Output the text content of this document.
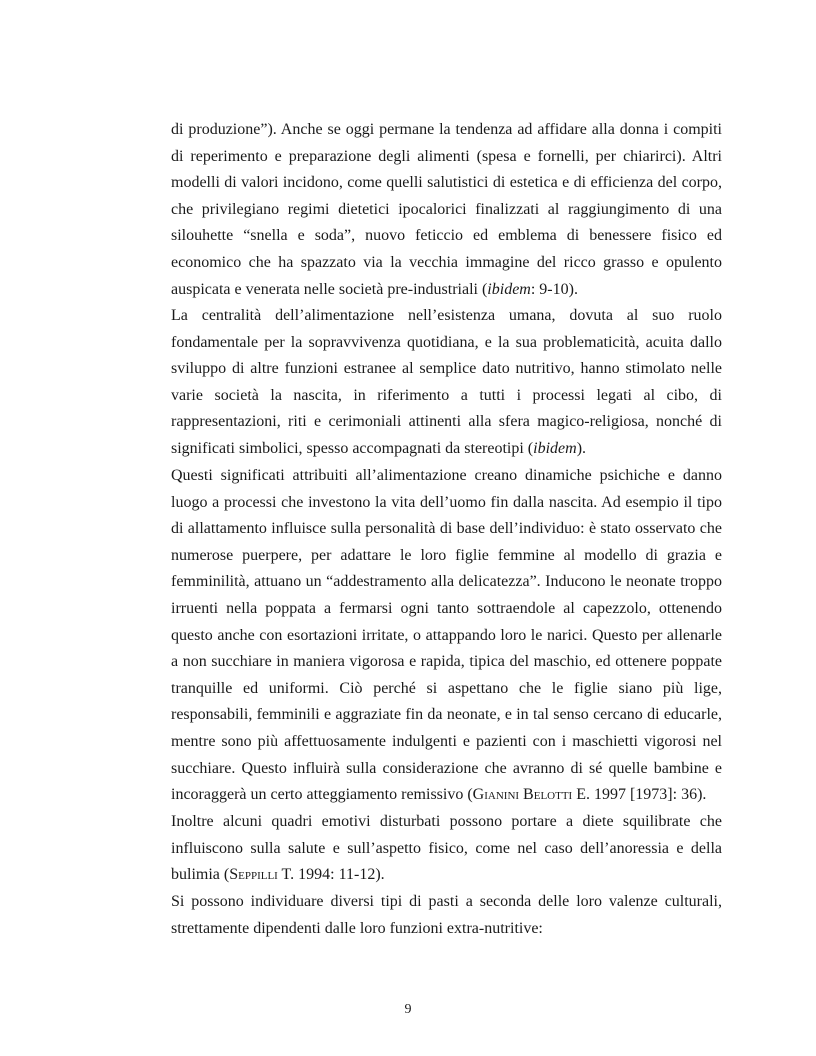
di produzione”). Anche se oggi permane la tendenza ad affidare alla donna i compiti di reperimento e preparazione degli alimenti (spesa e fornelli, per chiarirci). Altri modelli di valori incidono, come quelli salutistici di estetica e di efficienza del corpo, che privilegiano regimi dietetici ipocalorici finalizzati al raggiungimento di una silouhette “snella e soda”, nuovo feticcio ed emblema di benessere fisico ed economico che ha spazzato via la vecchia immagine del ricco grasso e opulento auspicata e venerata nelle società pre-industriali (ibidem: 9-10).

La centralità dell’alimentazione nell’esistenza umana, dovuta al suo ruolo fondamentale per la sopravvivenza quotidiana, e la sua problematicità, acuita dallo sviluppo di altre funzioni estranee al semplice dato nutritivo, hanno stimolato nelle varie società la nascita, in riferimento a tutti i processi legati al cibo, di rappresentazioni, riti e cerimoniali attinenti alla sfera magico-religiosa, nonché di significati simbolici, spesso accompagnati da stereotipi (ibidem).

Questi significati attribuiti all’alimentazione creano dinamiche psichiche e danno luogo a processi che investono la vita dell’uomo fin dalla nascita. Ad esempio il tipo di allattamento influisce sulla personalità di base dell’individuo: è stato osservato che numerose puerpere, per adattare le loro figlie femmine al modello di grazia e femminilità, attuano un “addestramento alla delicatezza”. Inducono le neonate troppo irruenti nella poppata a fermarsi ogni tanto sottraendole al capezzolo, ottenendo questo anche con esortazioni irritate, o attappando loro le narici. Questo per allenarle a non succhiare in maniera vigorosa e rapida, tipica del maschio, ed ottenere poppate tranquille ed uniformi. Ciò perché si aspettano che le figlie siano più lige, responsabili, femminili e aggraziate fin da neonate, e in tal senso cercano di educarle, mentre sono più affettuosamente indulgenti e pazienti con i maschietti vigorosi nel succhiare. Questo influirà sulla considerazione che avranno di sé quelle bambine e incoraggerà un certo atteggiamento remissivo (Gianini Belotti E. 1997 [1973]: 36).

Inoltre alcuni quadri emotivi disturbati possono portare a diete squilibrate che influiscono sulla salute e sull’aspetto fisico, come nel caso dell’anoressia e della bulimia (Seppilli T. 1994: 11-12).

Si possono individuare diversi tipi di pasti a seconda delle loro valenze culturali, strettamente dipendenti dalle loro funzioni extra-nutritive:

9
